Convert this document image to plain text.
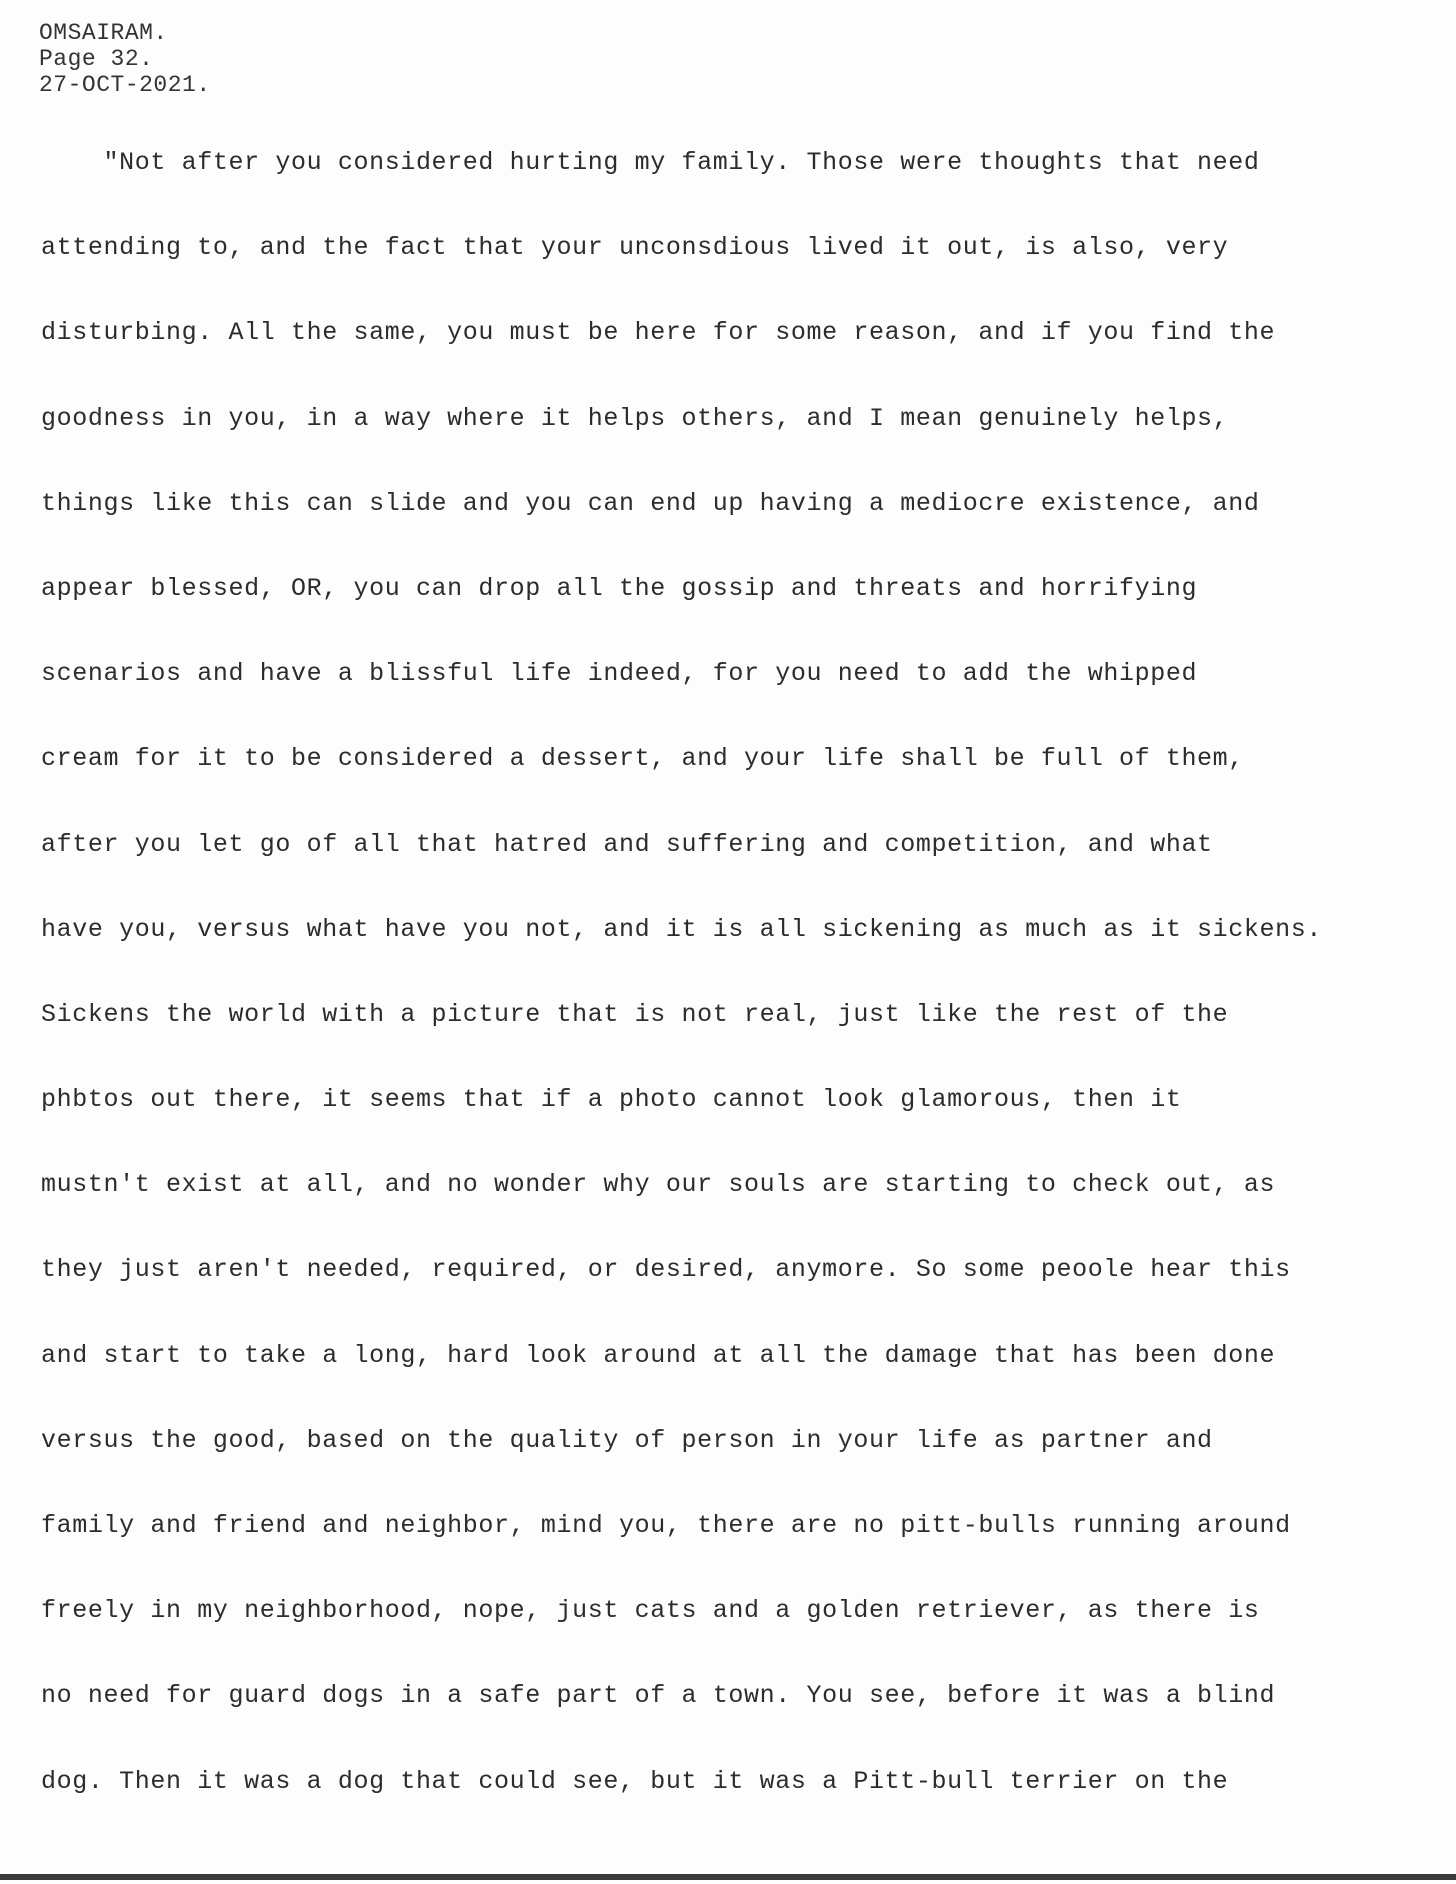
OMSAIRAM.
Page 32.
27-OCT-2021.
"Not after you considered hurting my family. Those were thoughts that need
attending to, and the fact that your unconsdious lived it out, is also, very
disturbing. All the same, you must be here for some reason, and if you find the
goodness in you, in a way where it helps others, and I mean genuinely helps,
things like this can slide and you can end up having a mediocre existence, and
appear blessed, OR, you can drop all the gossip and threats and horrifying
scenarios and have a blissful life indeed, for you need to add the whipped
cream for it to be considered a dessert, and your life shall be full of them,
after you let go of all that hatred and suffering and competition, and what
have you, versus what have you not, and it is all sickening as much as it sickens.
Sickens the world with a picture that is not real, just like the rest of the
phbtos out there, it seems that if a photo cannot look glamorous, then it
mustn't exist at all, and no wonder why our souls are starting to check out, as
they just aren't needed, required, or desired, anymore. So some peoole hear this
and start to take a long, hard look around at all the damage that has been done
versus the good, based on the quality of person in your life as partner and
family and friend and neighbor, mind you, there are no pitt-bulls running around
freely in my neighborhood, nope, just cats and a golden retriever, as there is
no need for guard dogs in a safe part of a town. You see, before it was a blind
dog. Then it was a dog that could see, but it was a Pitt-bull terrier on the
